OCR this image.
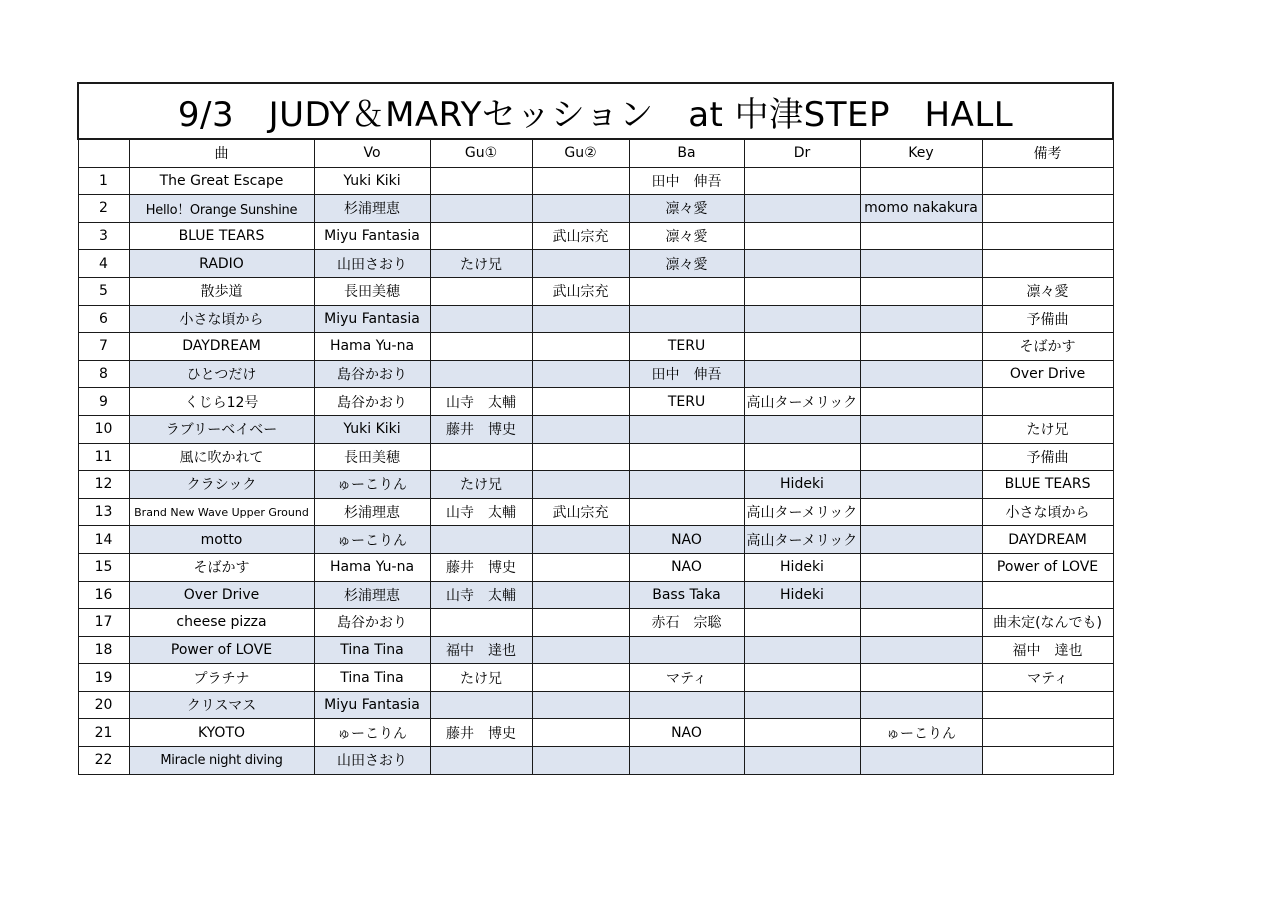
9/3　JUDY＆MARYセッション　at 中津STEP　HALL								
	曲	Vo	Gu①	Gu②	Ba	Dr	Key	備考
1	The Great Escape	Yuki Kiki			田中　伸吾			
2	Hello！Orange Sunshine	杉浦理恵			凛々愛		momo nakakura	
3	BLUE TEARS	Miyu Fantasia		武山宗充	凛々愛			
4	RADIO	山田さおり	たけ兄		凛々愛			
5	散歩道	長田美穂		武山宗充				凛々愛
6	小さな頃から	Miyu Fantasia						予備曲
7	DAYDREAM	Hama Yu-na			TERU			そばかす
8	ひとつだけ	島谷かおり			田中　伸吾			Over Drive
9	くじら12号	島谷かおり	山寺　太輔		TERU	高山ターメリック		
10	ラブリーベイベー	Yuki Kiki	藤井　博史					たけ兄
11	風に吹かれて	長田美穂						予備曲
12	クラシック	ゅーこりん	たけ兄			Hideki		BLUE TEARS
13	Brand New Wave Upper Ground	杉浦理恵	山寺　太輔	武山宗充		高山ターメリック		小さな頃から
14	motto	ゅーこりん			NAO	高山ターメリック		DAYDREAM
15	そばかす	Hama Yu-na	藤井　博史		NAO	Hideki		Power of LOVE
16	Over Drive	杉浦理恵	山寺　太輔		Bass Taka	Hideki		
17	cheese pizza	島谷かおり			赤石　宗聡			曲未定(なんでも)
18	Power of LOVE	Tina Tina	福中　達也					福中　達也
19	プラチナ	Tina Tina	たけ兄		マティ			マティ
20	クリスマス	Miyu Fantasia						
21	KYOTO	ゅーこりん	藤井　博史		NAO		ゅーこりん	
22	Miracle night diving	山田さおり						
